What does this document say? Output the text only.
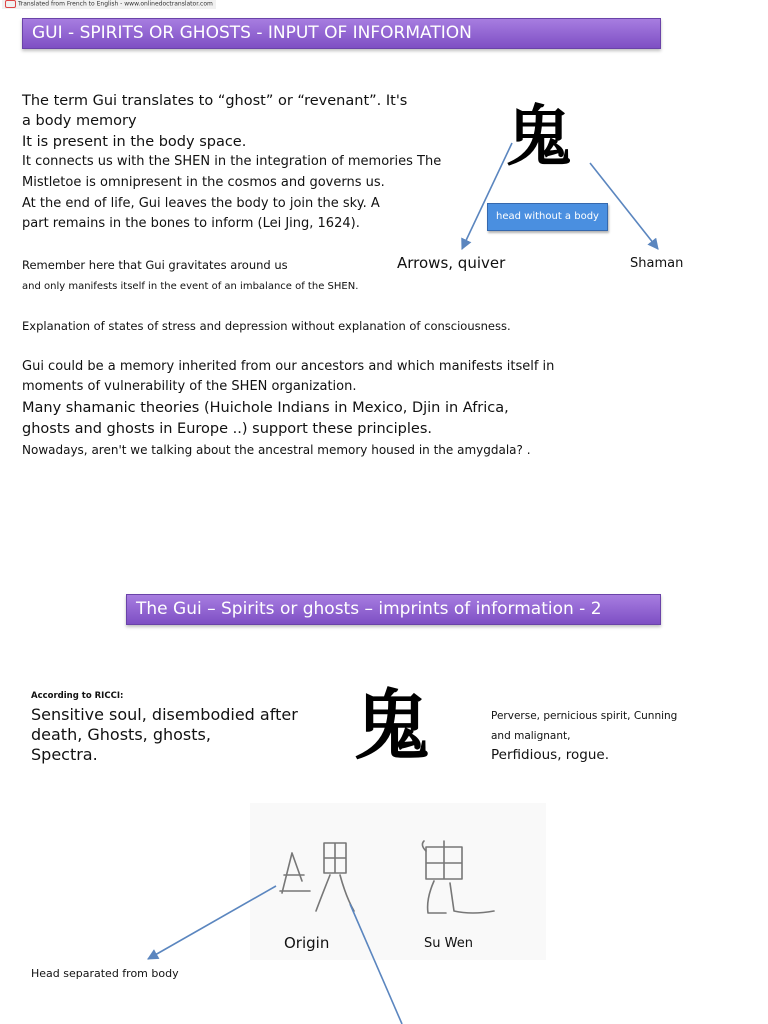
Translated from French to English - www.onlinedoctranslator.com
GUI - SPIRITS OR GHOSTS - INPUT OF INFORMATION
The term Gui translates to “ghost” or “revenant”. It's
a body memory
It is present in the body space.
It connects us with the SHEN in the integration of memories The
Mistletoe is omnipresent in the cosmos and governs us.
At the end of life, Gui leaves the body to join the sky. A
part remains in the bones to inform (Lei Jing, 1624).
鬼
head without a body
Arrows, quiver	Shaman
Remember here that Gui gravitates around us
and only manifests itself in the event of an imbalance of the SHEN.
Explanation of states of stress and depression without explanation of consciousness.
Gui could be a memory inherited from our ancestors and which manifests itself in
moments of vulnerability of the SHEN organization.
Many shamanic theories (Huichole Indians in Mexico, Djin in Africa,
ghosts and ghosts in Europe ..) support these principles.
Nowadays, aren't we talking about the ancestral memory housed in the amygdala? .
The Gui – Spirits or ghosts – imprints of information - 2
According to RICCI:
Sensitive soul, disembodied after
death, Ghosts, ghosts,
Spectra.	鬼	Perverse, pernicious spirit, Cunning
and malignant,
Perfidious, rogue.
Origin	Su Wen
Head separated from body
